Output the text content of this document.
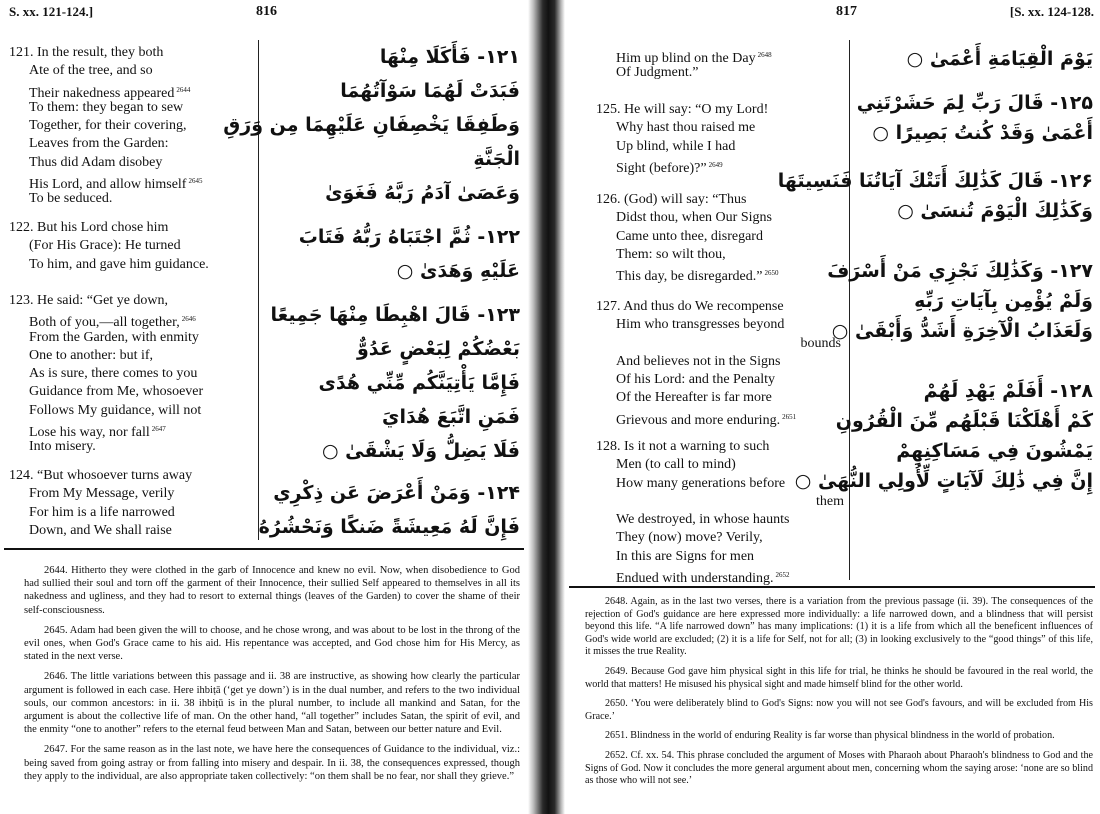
S. xx. 121-124.]	816
121. In the result, they both
Ate of the tree, and so
Their nakedness appeared $^{2644}$
To them: they began to sew
Together, for their covering,
Leaves from the Garden:
Thus did Adam disobey
His Lord, and allow himself $^{2645}$
To be seduced.
122. But his Lord chose him
(For His Grace): He turned
To him, and gave him guidance.
123. He said: “Get ye down,
Both of you,—all together, $^{2646}$
From the Garden, with enmity
One to another: but if,
As is sure, there comes to you
Guidance from Me, whosoever
Follows My guidance, will not
Lose his way, nor fall $^{2647}$
Into misery.
124. “But whosoever turns away
From My Message, verily
For him is a life narrowed
Down, and We shall raise
۱۲۱- فَأَكَلَا مِنْهَا
فَبَدَتْ لَهُمَا سَوْآتُهُمَا
وَطَفِقَا يَخْصِفَانِ عَلَيْهِمَا مِن وَرَقِ
الْجَنَّةِ
وَعَصَىٰ آدَمُ رَبَّهُ فَغَوَىٰ
۱۲۲- ثُمَّ اجْتَبَاهُ رَبُّهُ فَتَابَ
عَلَيْهِ وَهَدَىٰ ○
۱۲۳- قَالَ اهْبِطَا مِنْهَا جَمِيعًا
بَعْضُكُمْ لِبَعْضٍ عَدُوٌّ
فَإِمَّا يَأْتِيَنَّكُم مِّنِّي هُدًى
فَمَنِ اتَّبَعَ هُدَايَ
فَلَا يَضِلُّ وَلَا يَشْقَىٰ ○
۱۲۴- وَمَنْ أَعْرَضَ عَن ذِكْرِي
فَإِنَّ لَهُ مَعِيشَةً ضَنكًا وَنَحْشُرُهُ

2644. Hitherto they were clothed in the garb of Innocence and knew no evil. Now, when disobedience to God had sullied their soul and torn off the garment of their Innocence, their sullied Self appeared to themselves in all its nakedness and ugliness, and they had to resort to external things (leaves of the Garden) to cover the shame of their self-consciousness.

2645. Adam had been given the will to choose, and he chose wrong, and was about to be lost in the throng of the evil ones, when God's Grace came to his aid. His repentance was accepted, and God chose him for His Mercy, as stated in the next verse.

2646. The little variations between this passage and ii. 38 are instructive, as showing how clearly the particular argument is followed in each case. Here ihbiṭā (‘get ye down’) is in the dual number, and refers to the two individual souls, our common ancestors: in ii. 38 ihbiṭū is in the plural number, to include all mankind and Satan, for the argument is about the collective life of man. On the other hand, “all together” includes Satan, the spirit of evil, and the enmity “one to another” refers to the eternal feud between Man and Satan, between our better nature and Evil.

2647. For the same reason as in the last note, we have here the consequences of Guidance to the individual, viz.: being saved from going astray or from falling into misery and despair. In ii. 38, the consequences expressed, though they apply to the individual, are also appropriate taken collectively: “on them shall be no fear, nor shall they grieve.”

817	[S. xx. 124-128.
Him up blind on the Day $^{2648}$
Of Judgment.”
125. He will say: “O my Lord!
Why hast thou raised me
Up blind, while I had
Sight (before)?” $^{2649}$
126. (God) will say: “Thus
Didst thou, when Our Signs
Came unto thee, disregard
Them: so wilt thou,
This day, be disregarded.” $^{2650}$
127. And thus do We recompense
Him who transgresses beyond
bounds
And believes not in the Signs
Of his Lord: and the Penalty
Of the Hereafter is far more
Grievous and more enduring. $^{2651}$
128. Is it not a warning to such
Men (to call to mind)
How many generations before
them
We destroyed, in whose haunts
They (now) move? Verily,
In this are Signs for men
Endued with understanding. $^{2652}$
يَوْمَ الْقِيَامَةِ أَعْمَىٰ ○
۱۲۵- قَالَ رَبِّ لِمَ حَشَرْتَنِي
أَعْمَىٰ وَقَدْ كُنتُ بَصِيرًا ○
۱۲۶- قَالَ كَذَٰلِكَ أَتَتْكَ آيَاتُنَا فَنَسِيتَهَا
وَكَذَٰلِكَ الْيَوْمَ تُنسَىٰ ○
۱۲۷- وَكَذَٰلِكَ نَجْزِي مَنْ أَسْرَفَ
وَلَمْ يُؤْمِن بِآيَاتِ رَبِّهِ
وَلَعَذَابُ الْآخِرَةِ أَشَدُّ وَأَبْقَىٰ ○
۱۲۸- أَفَلَمْ يَهْدِ لَهُمْ
كَمْ أَهْلَكْنَا قَبْلَهُم مِّنَ الْقُرُونِ
يَمْشُونَ فِي مَسَاكِنِهِمْ
إِنَّ فِي ذَٰلِكَ لَآيَاتٍ لِّأُولِي النُّهَىٰ ○

2648. Again, as in the last two verses, there is a variation from the previous passage (ii. 39). The consequences of the rejection of God's guidance are here expressed more individually: a life narrowed down, and a blindness that will persist beyond this life. “A life narrowed down” has many implications: (1) it is a life from which all the beneficent influences of God's wide world are excluded; (2) it is a life for Self, not for all; (3) in looking exclusively to the “good things” of this life, it misses the true Reality.

2649. Because God gave him physical sight in this life for trial, he thinks he should be favoured in the real world, the world that matters! He misused his physical sight and made himself blind for the other world.

2650. ‘You were deliberately blind to God's Signs: now you will not see God's favours, and will be excluded from His Grace.’

2651. Blindness in the world of enduring Reality is far worse than physical blindness in the world of probation.

2652. Cf. xx. 54. This phrase concluded the argument of Moses with Pharaoh about Pharaoh's blindness to God and the Signs of God. Now it concludes the more general argument about men, concerning whom the saying arose: ‘none are so blind as those who will not see.’
